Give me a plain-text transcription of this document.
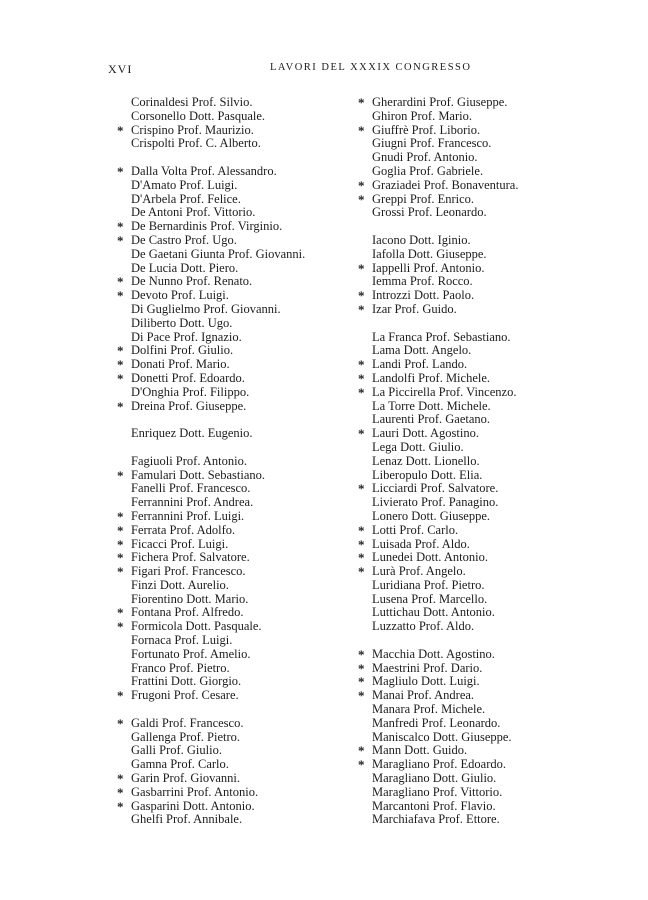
XVI	LAVORI DEL XXXIX CONGRESSO
Corinaldesi Prof. Silvio.
Corsonello Dott. Pasquale.
* Crispino Prof. Maurizio.
Crispolti Prof. C. Alberto.
* Dalla Volta Prof. Alessandro.
D'Amato Prof. Luigi.
D'Arbela Prof. Felice.
De Antoni Prof. Vittorio.
* De Bernardinis Prof. Virginio.
* De Castro Prof. Ugo.
De Gaetani Giunta Prof. Giovanni.
De Lucia Dott. Piero.
* De Nunno Prof. Renato.
* Devoto Prof. Luigi.
Di Guglielmo Prof. Giovanni.
Diliberto Dott. Ugo.
Di Pace Prof. Ignazio.
* Dolfini Prof. Giulio.
* Donati Prof. Mario.
* Donetti Prof. Edoardo.
D'Onghia Prof. Filippo.
* Dreina Prof. Giuseppe.
Enriquez Dott. Eugenio.
Fagiuoli Prof. Antonio.
* Famulari Dott. Sebastiano.
Fanelli Prof. Francesco.
Ferrannini Prof. Andrea.
* Ferrannini Prof. Luigi.
* Ferrata Prof. Adolfo.
* Ficacci Prof. Luigi.
* Fichera Prof. Salvatore.
* Figari Prof. Francesco.
Finzi Dott. Aurelio.
Fiorentino Dott. Mario.
* Fontana Prof. Alfredo.
* Formicola Dott. Pasquale.
Fornaca Prof. Luigi.
Fortunato Prof. Amelio.
Franco Prof. Pietro.
Frattini Dott. Giorgio.
* Frugoni Prof. Cesare.
* Galdi Prof. Francesco.
Gallenga Prof. Pietro.
Galli Prof. Giulio.
Gamna Prof. Carlo.
* Garin Prof. Giovanni.
* Gasbarrini Prof. Antonio.
* Gasparini Dott. Antonio.
Ghelfi Prof. Annibale.
* Gherardini Prof. Giuseppe.
Ghiron Prof. Mario.
* Giuffrè Prof. Liborio.
Giugni Prof. Francesco.
Gnudi Prof. Antonio.
Goglia Prof. Gabriele.
* Graziadei Prof. Bonaventura.
* Greppi Prof. Enrico.
Grossi Prof. Leonardo.
Iacono Dott. Iginio.
Iafolla Dott. Giuseppe.
* Iappelli Prof. Antonio.
Iemma Prof. Rocco.
* Introzzi Dott. Paolo.
* Izar Prof. Guido.
La Franca Prof. Sebastiano.
Lama Dott. Angelo.
* Landi Prof. Lando.
* Landolfi Prof. Michele.
* La Piccirella Prof. Vincenzo.
La Torre Dott. Michele.
Laurenti Prof. Gaetano.
* Lauri Dott. Agostino.
Lega Dott. Giulio.
Lenaz Dott. Lionello.
Liberopulo Dott. Elia.
* Licciardi Prof. Salvatore.
Livierato Prof. Panagino.
Lonero Dott. Giuseppe.
* Lotti Prof. Carlo.
* Luisada Prof. Aldo.
* Lunedei Dott. Antonio.
* Lurà Prof. Angelo.
Luridiana Prof. Pietro.
Lusena Prof. Marcello.
Luttichau Dott. Antonio.
Luzzatto Prof. Aldo.
* Macchia Dott. Agostino.
* Maestrini Prof. Dario.
* Magliulo Dott. Luigi.
* Manai Prof. Andrea.
Manara Prof. Michele.
Manfredi Prof. Leonardo.
Maniscalco Dott. Giuseppe.
* Mann Dott. Guido.
* Maragliano Prof. Edoardo.
Maragliano Dott. Giulio.
Maragliano Prof. Vittorio.
Marcantoni Prof. Flavio.
Marchiafava Prof. Ettore.
